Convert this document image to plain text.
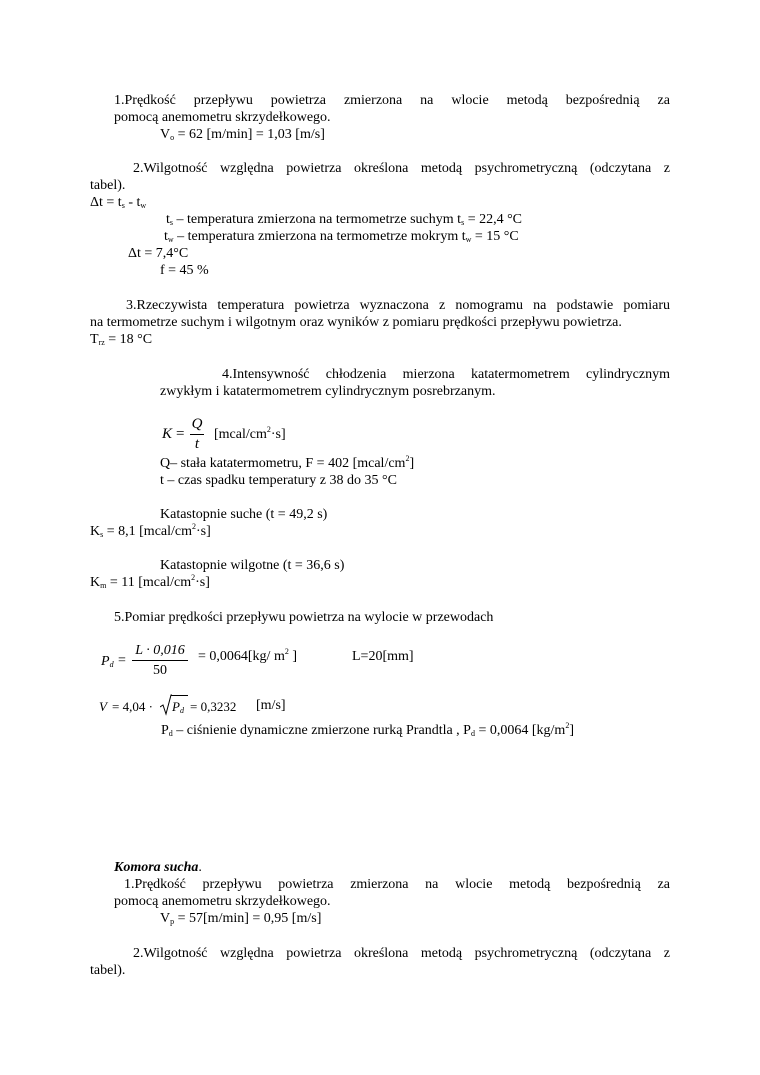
1.Prędkość przepływu powietrza zmierzona na wlocie metodą bezpośrednią za
pomocą anemometru skrzydełkowego.
$V_o = 62$ [m/min] = 1,03 [m/s]
2.Wilgotność względna powietrza określona metodą psychrometryczną (odczytana z
tabel).
$\Delta t = t_s - t_w$
$t_s$ – temperatura zmierzona na termometrze suchym $t_s = 22,4$ °C
$t_w$ – temperatura zmierzona na termometrze mokrym $t_w = 15$ °C
Δt = 7,4°C
f = 45 %
3.Rzeczywista temperatura powietrza wyznaczona z nomogramu na podstawie pomiaru
na termometrze suchym i wilgotnym oraz wyników z pomiaru prędkości przepływu powietrza.
$T_{rz} = 18$ °C
4.Intensywność chłodzenia mierzona katatermometrem cylindrycznym
zwykłym i katatermometrem cylindrycznym posrebrzanym.
K =
Q
t
$[mcal/cm^2\cdot s]$
Q– stała katatermometru, F = 402 $[mcal/cm^2]$
t – czas spadku temperatury z 38 do 35 °C
Katastopnie suche (t = 49,2 s)
$K_s = 8,1$ $[mcal/cm^2\cdot s]$
Katastopnie wilgotne (t = 36,6 s)
$K_m = 11$ $[mcal/cm^2\cdot s]$
5.Pomiar prędkości przepływu powietrza na wylocie w przewodach
$P_d$ =
L · 0,016
50
= 0,0064[kg/ $m^2$ ]	L=20[mm]
$V = 4,04 \cdot P_d = 0,3232$ [m/s]
$P_d$ – ciśnienie dynamiczne zmierzone rurką Prandtla , $P_d = 0,0064$ $[kg/m^2]$
Komora sucha.
1.Prędkość przepływu powietrza zmierzona na wlocie metodą bezpośrednią za
pomocą anemometru skrzydełkowego.
$V_p = 57[m/\min] = 0,95$ [m/s]
2.Wilgotność względna powietrza określona metodą psychrometryczną (odczytana z
tabel).
